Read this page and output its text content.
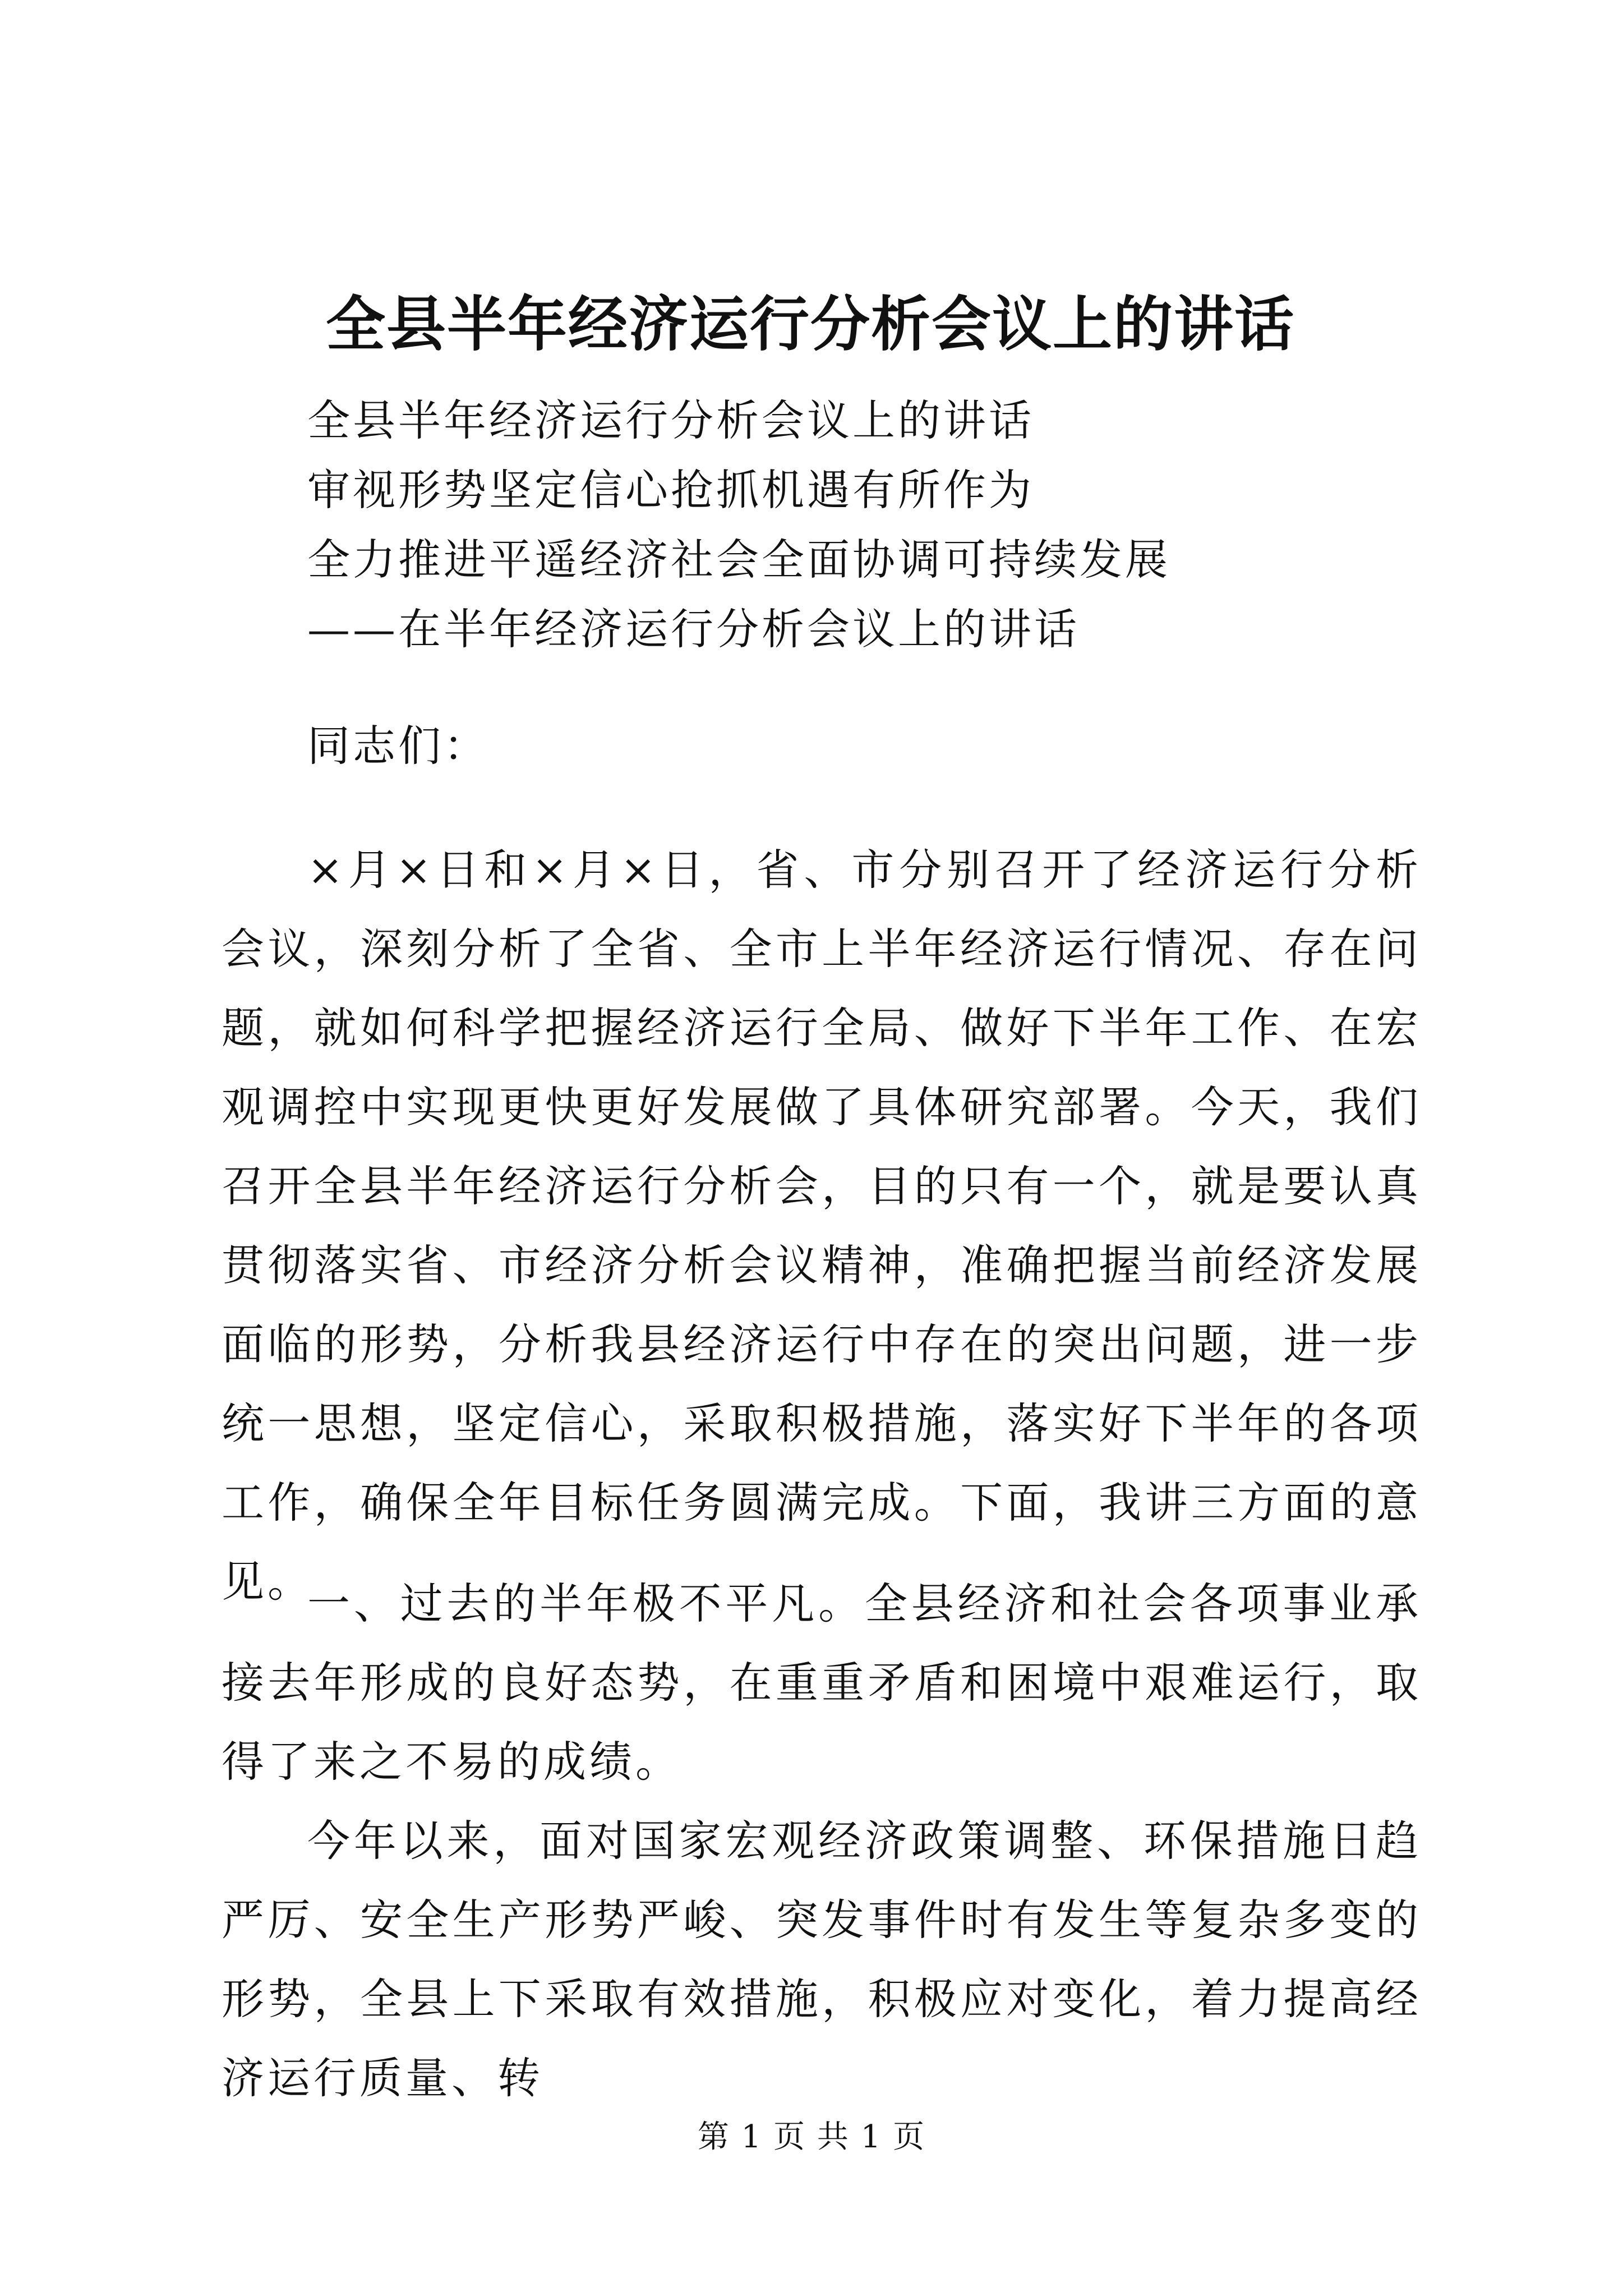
全县半年经济运行分析会议上的讲话
全县半年经济运行分析会议上的讲话
审视形势坚定信心抢抓机遇有所作为
全力推进平遥经济社会全面协调可持续发展
——在半年经济运行分析会议上的讲话
同志们：

×月×日和×月×日，省、市分别召开了经济运行分析会议，深刻分析了全省、全市上半年经济运行情况、存在问题，就如何科学把握经济运行全局、做好下半年工作、在宏观调控中实现更快更好发展做了具体研究部署。今天，我们召开全县半年经济运行分析会，目的只有一个，就是要认真贯彻落实省、市经济分析会议精神，准确把握当前经济发展面临的形势，分析我县经济运行中存在的突出问题，进一步统一思想，坚定信心，采取积极措施，落实好下半年的各项工作，确保全年目标任务圆满完成。下面，我讲三方面的意见。

一、过去的半年极不平凡。全县经济和社会各项事业承接去年形成的良好态势，在重重矛盾和困境中艰难运行，取得了来之不易的成绩。

今年以来，面对国家宏观经济政策调整、环保措施日趋严厉、安全生产形势严峻、突发事件时有发生等复杂多变的形势，全县上下采取有效措施，积极应对变化，着力提高经济运行质量、转

第 1 页 共 1 页
